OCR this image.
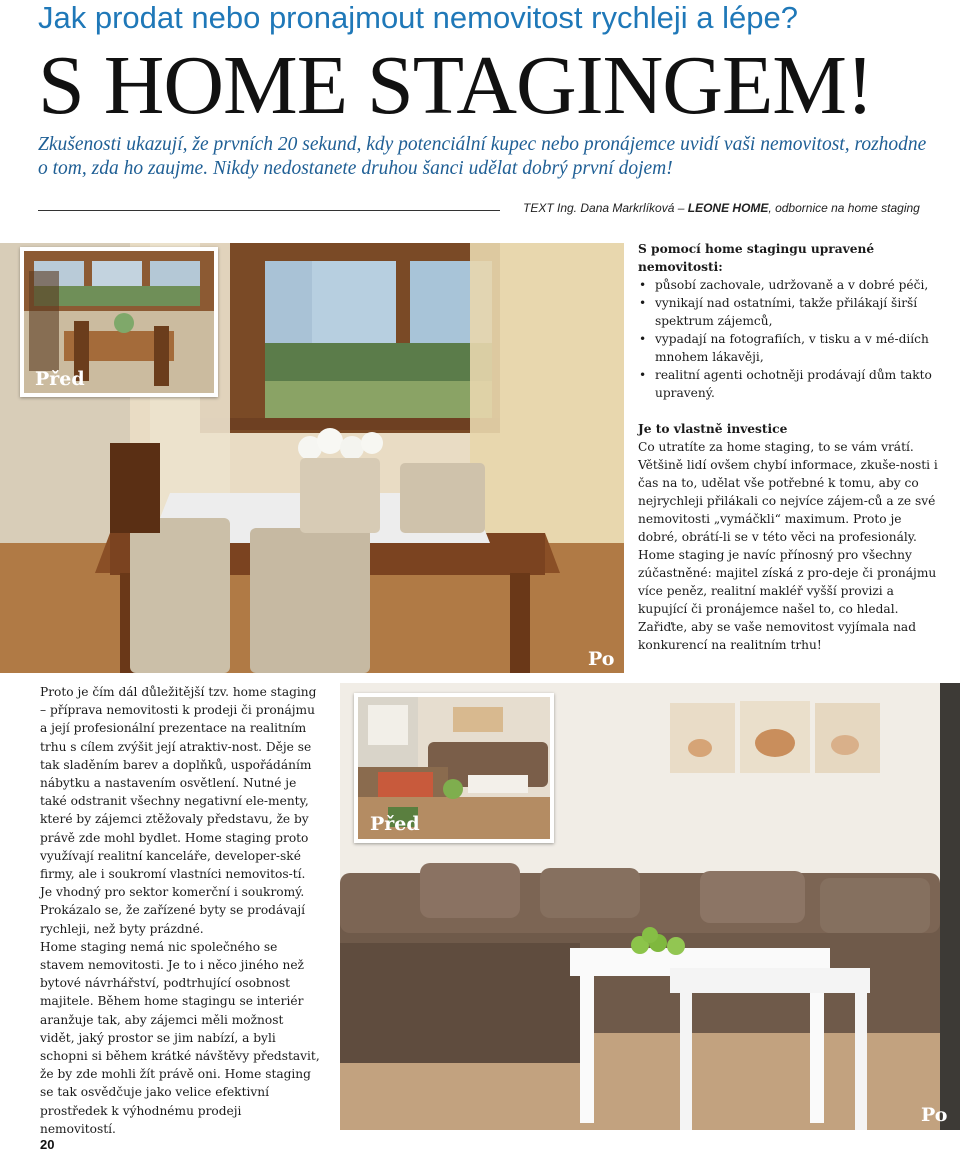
Jak prodat nebo pronajmout nemovitost rychleji a lépe?
S HOME STAGINGEM!
Zkušenosti ukazují, že prvních 20 sekund, kdy potenciální kupec nebo pronájemce uvidí vaši nemovitost, rozhodne o tom, zda ho zaujme. Nikdy nedostanete druhou šanci udělat dobrý první dojem!
TEXT Ing. Dana Markrlíková – LEONE HOME, odbornice na home staging
Před
Po
S pomocí home stagingu upravené nemovitosti:
• působí zachovale, udržovaně a v dobré péči,
• vynikají nad ostatními, takže přilákají širší spektrum zájemců,
• vypadají na fotografiích, v tisku a v mé-diích mnohem lákavěji,
• realitní agenti ochotněji prodávají dům takto upravený.
Je to vlastně investice
Co utratíte za home staging, to se vám vrátí. Většině lidí ovšem chybí informace, zkuše-nosti i čas na to, udělat vše potřebné k tomu, aby co nejrychleji přilákali co nejvíce zájem-ců a ze své nemovitosti „vymáčkli“ maximum. Proto je dobré, obrátí-li se v této věci na profesionály. Home staging je navíc přínosný pro všechny zúčastněné: majitel získá z pro-deje či pronájmu více peněz, realitní makléř vyšší provizi a kupující či pronájemce našel to, co hledal. Zařiďte, aby se vaše nemovitost vyjímala nad konkurencí na realitním trhu!
Před
Po
Proto je čím dál důležitější tzv. home staging – příprava nemovitosti k prodeji či pronájmu a její profesionální prezentace na realitním trhu s cílem zvýšit její atraktiv-nost. Děje se tak sladěním barev a doplňků, uspořádáním nábytku a nastavením osvětlení. Nutné je také odstranit všechny negativní ele-menty, které by zájemci ztěžovaly představu, že by právě zde mohl bydlet. Home staging proto využívají realitní kanceláře, developer-ské firmy, ale i soukromí vlastníci nemovitos-tí. Je vhodný pro sektor komerční i soukromý. Prokázalo se, že zařízené byty se prodávají rychleji, než byty prázdné.
Home staging nemá nic společného se stavem nemovitosti. Je to i něco jiného než bytové návrhářství, podtrhující osobnost majitele. Během home stagingu se interiér aranžuje tak, aby zájemci měli možnost vidět, jaký prostor se jim nabízí, a byli schopni si během krátké návštěvy představit, že by zde mohli žít právě oni. Home staging se tak osvědčuje jako velice efektivní prostředek k výhodnému prodeji nemovitostí.
20
